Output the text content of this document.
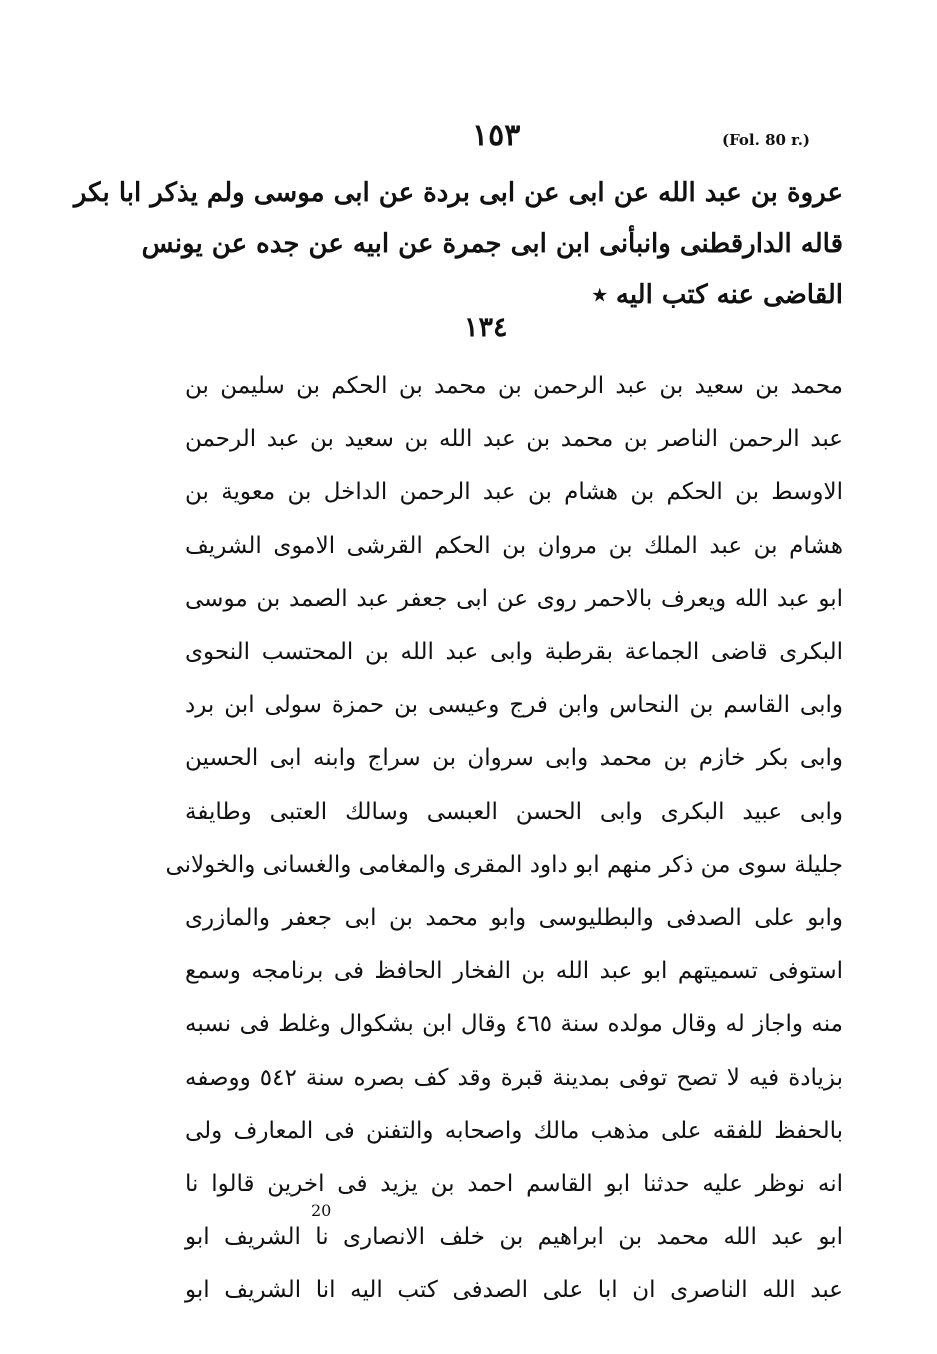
١٥٣	(Fol. 80 r.)
عروة بن عبد الله عن ابى عن ابى بردة عن ابى موسى ولم يذكر ابا بكر
قاله الدارقطنى وانبأنى ابن ابى جمرة عن ابيه عن جده عن يونس
القاضى عنه كتب اليه ٭
١٣٤
محمد بن سعيد بن عبد الرحمن بن محمد بن الحكم بن سليمن بن
عبد الرحمن الناصر بن محمد بن عبد الله بن سعيد بن عبد الرحمن
الاوسط بن الحكم بن هشام بن عبد الرحمن الداخل بن معوية بن
هشام بن عبد الملك بن مروان بن الحكم القرشى الاموى الشريف
ابو عبد الله ويعرف بالاحمر روى عن ابى جعفر عبد الصمد بن موسى
البكرى قاضى الجماعة بقرطبة وابى عبد الله بن المحتسب النحوى
وابى القاسم بن النحاس وابن فرج وعيسى بن حمزة سولى ابن برد
وابى بكر خازم بن محمد وابى سروان بن سراج وابنه ابى الحسين
وابى عبيد البكرى وابى الحسن العبسى وسالك العتبى وطايفة
جليلة سوى من ذكر منهم ابو داود المقرى والمغامى والغسانى والخولانى
وابو على الصدفى والبطليوسى وابو محمد بن ابى جعفر والمازرى
استوفى تسميتهم ابو عبد الله بن الفخار الحافظ فى برنامجه وسمع
منه واجاز له وقال مولده سنة ٤٦٥ وقال ابن بشكوال وغلط فى نسبه
بزيادة فيه لا تصح توفى بمدينة قبرة وقد كف بصره سنة ٥٤٢ ووصفه
بالحفظ للفقه على مذهب مالك واصحابه والتفنن فى المعارف ولى
انه نوظر عليه حدثنا ابو القاسم احمد بن يزيد فى اخرين قالوا نا
ابو عبد الله محمد بن ابراهيم بن خلف الانصارى نا الشريف ابو
عبد الله الناصرى ان ابا على الصدفى كتب اليه انا الشريف ابو
20
